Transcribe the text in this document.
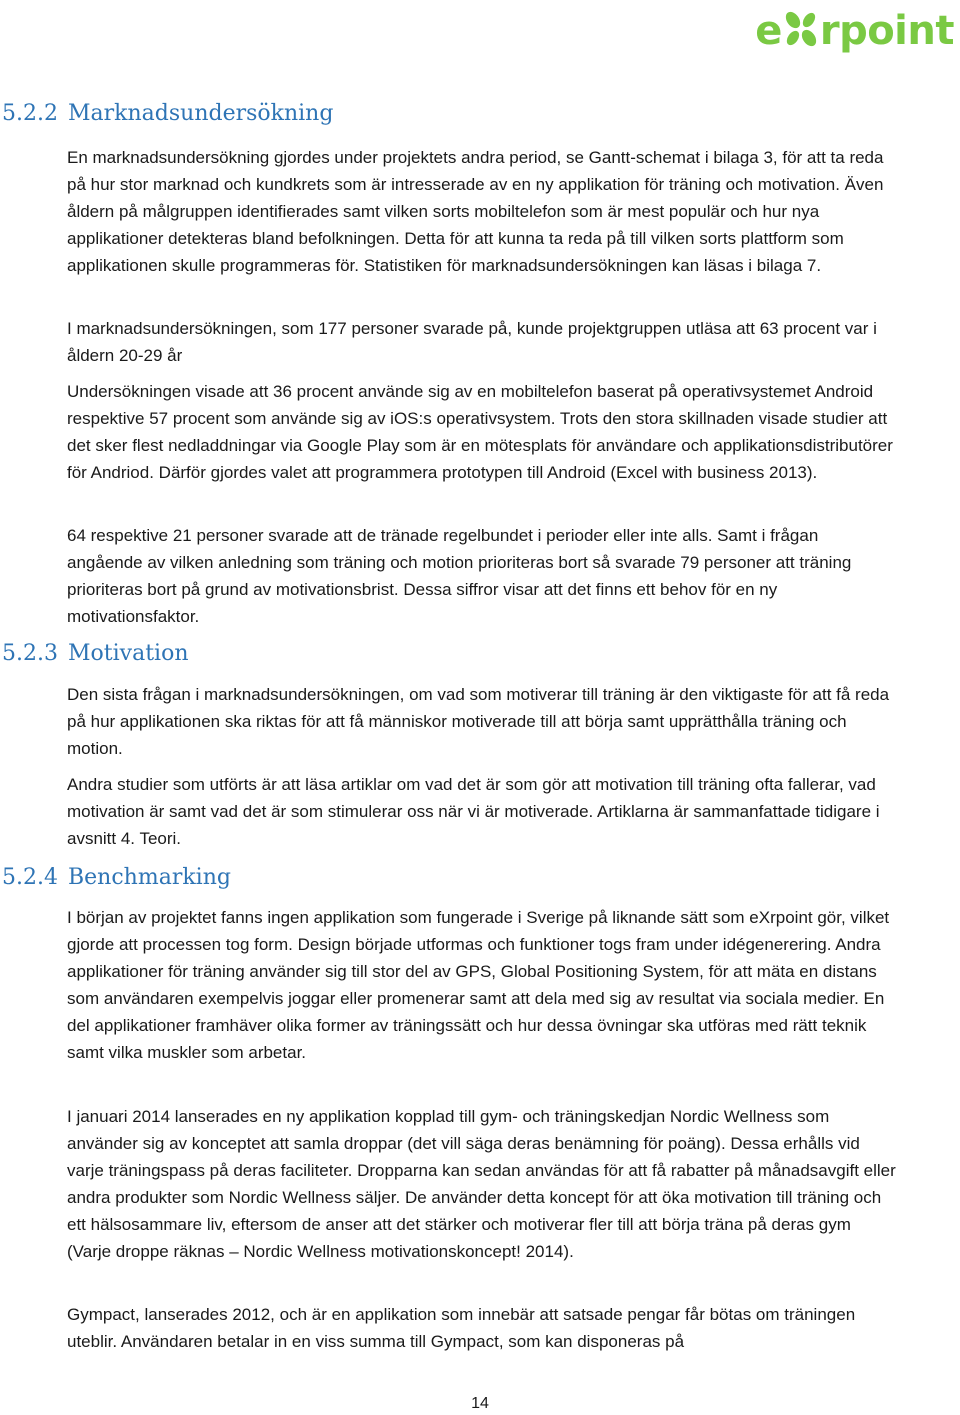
e rpoint
5.2.2 Marknadsundersökning

En marknadsundersökning gjordes under projektets andra period, se Gantt-schemat i bilaga 3, för att ta reda på hur stor marknad och kundkrets som är intresserade av en ny applikation för träning och motivation. Även åldern på målgruppen identifierades samt vilken sorts mobiltelefon som är mest populär och hur nya applikationer detekteras bland befolkningen. Detta för att kunna ta reda på till vilken sorts plattform som applikationen skulle programmeras för. Statistiken för marknadsundersökningen kan läsas i bilaga 7.

I marknadsundersökningen, som 177 personer svarade på, kunde projektgruppen utläsa att 63 procent var i åldern 20-29 år

Undersökningen visade att 36 procent använde sig av en mobiltelefon baserat på operativsystemet Android respektive 57 procent som använde sig av iOS:s operativsystem. Trots den stora skillnaden visade studier att det sker flest nedladdningar via Google Play som är en mötesplats för användare och applikationsdistributörer för Andriod. Därför gjordes valet att programmera prototypen till Android (Excel with business 2013).

64 respektive 21 personer svarade att de tränade regelbundet i perioder eller inte alls. Samt i frågan angående av vilken anledning som träning och motion prioriteras bort så svarade 79 personer att träning prioriteras bort på grund av motivationsbrist. Dessa siffror visar att det finns ett behov för en ny motivationsfaktor.

5.2.3 Motivation

Den sista frågan i marknadsundersökningen, om vad som motiverar till träning är den viktigaste för att få reda på hur applikationen ska riktas för att få människor motiverade till att börja samt upprätthålla träning och motion.

Andra studier som utförts är att läsa artiklar om vad det är som gör att motivation till träning ofta fallerar, vad motivation är samt vad det är som stimulerar oss när vi är motiverade. Artiklarna är sammanfattade tidigare i avsnitt 4. Teori.

5.2.4 Benchmarking

I början av projektet fanns ingen applikation som fungerade i Sverige på liknande sätt som eXrpoint gör, vilket gjorde att processen tog form. Design började utformas och funktioner togs fram under idégenerering. Andra applikationer för träning använder sig till stor del av GPS, Global Positioning System, för att mäta en distans som användaren exempelvis joggar eller promenerar samt att dela med sig av resultat via sociala medier. En del applikationer framhäver olika former av träningssätt och hur dessa övningar ska utföras med rätt teknik samt vilka muskler som arbetar.

I januari 2014 lanserades en ny applikation kopplad till gym- och träningskedjan Nordic Wellness som använder sig av konceptet att samla droppar (det vill säga deras benämning för poäng). Dessa erhålls vid varje träningspass på deras faciliteter. Dropparna kan sedan användas för att få rabatter på månadsavgift eller andra produkter som Nordic Wellness säljer. De använder detta koncept för att öka motivation till träning och ett hälsosammare liv, eftersom de anser att det stärker och motiverar fler till att börja träna på deras gym (Varje droppe räknas – Nordic Wellness motivationskoncept! 2014).

Gympact, lanserades 2012, och är en applikation som innebär att satsade pengar får bötas om träningen uteblir. Användaren betalar in en viss summa till Gympact, som kan disponeras på

14
